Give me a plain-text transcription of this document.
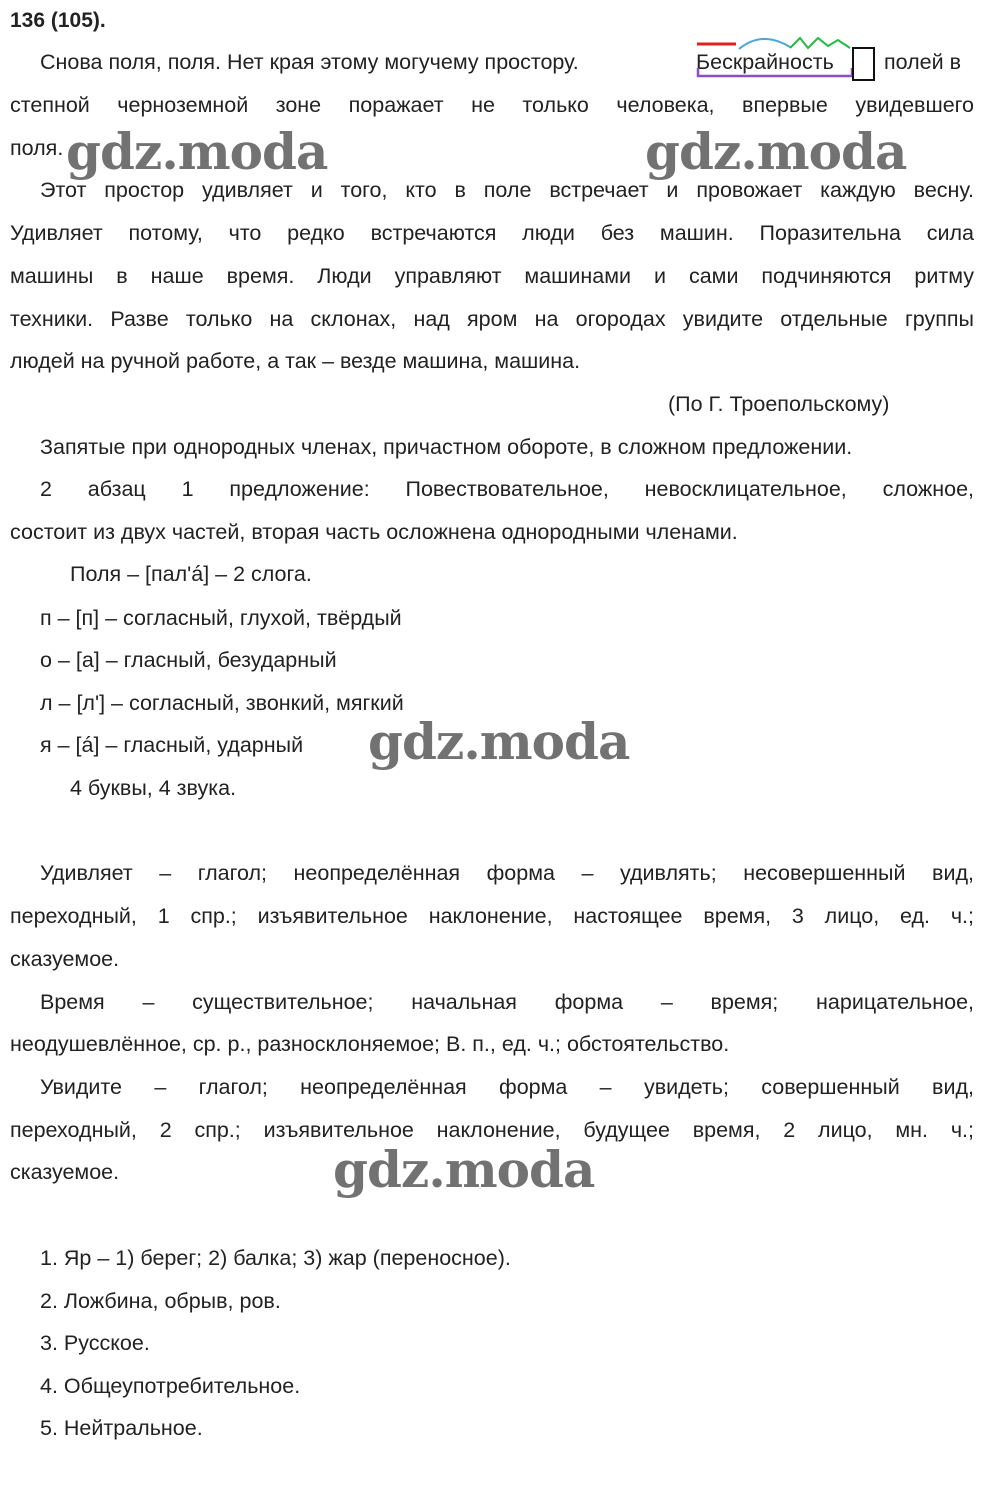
136 (105).
Снова поля, поля. Нет края этому могучему простору.	Бескрайность полей в
степной черноземной зоне поражает не только человека, впервые увидевшего
поля.
Этот простор удивляет и того, кто в поле встречает и провожает каждую весну.
Удивляет потому, что редко встречаются люди без машин. Поразительна сила
машины в наше время. Люди управляют машинами и сами подчиняются ритму
техники. Разве только на склонах, над яром на огородах увидите отдельные группы
людей на ручной работе, а так – везде машина, машина.
(По Г. Троепольскому)
Запятые при однородных членах, причастном обороте, в сложном предложении.
2 абзац 1 предложение: Повествовательное, невосклицательное, сложное,
состоит из двух частей, вторая часть осложнена однородными членами.
Поля – [пал'á] – 2 слога.
п – [п] – согласный, глухой, твёрдый
о – [а] – гласный, безударный
л – [л'] – согласный, звонкий, мягкий
я – [á] – гласный, ударный
4 буквы, 4 звука.
Удивляет – глагол; неопределённая форма – удивлять; несовершенный вид,
переходный, 1 спр.; изъявительное наклонение, настоящее время, 3 лицо, ед. ч.;
сказуемое.
Время – существительное; начальная форма – время; нарицательное,
неодушевлённое, ср. р., разносклоняемое; В. п., ед. ч.; обстоятельство.
Увидите – глагол; неопределённая форма – увидеть; совершенный вид,
переходный, 2 спр.; изъявительное наклонение, будущее время, 2 лицо, мн. ч.;
сказуемое.
1. Яр – 1) берег; 2) балка; 3) жар (переносное).
2. Ложбина, обрыв, ров.
3. Русское.
4. Общеупотребительное.
5. Нейтральное.
gdz.moda	gdz.moda
gdz.moda
gdz.moda
